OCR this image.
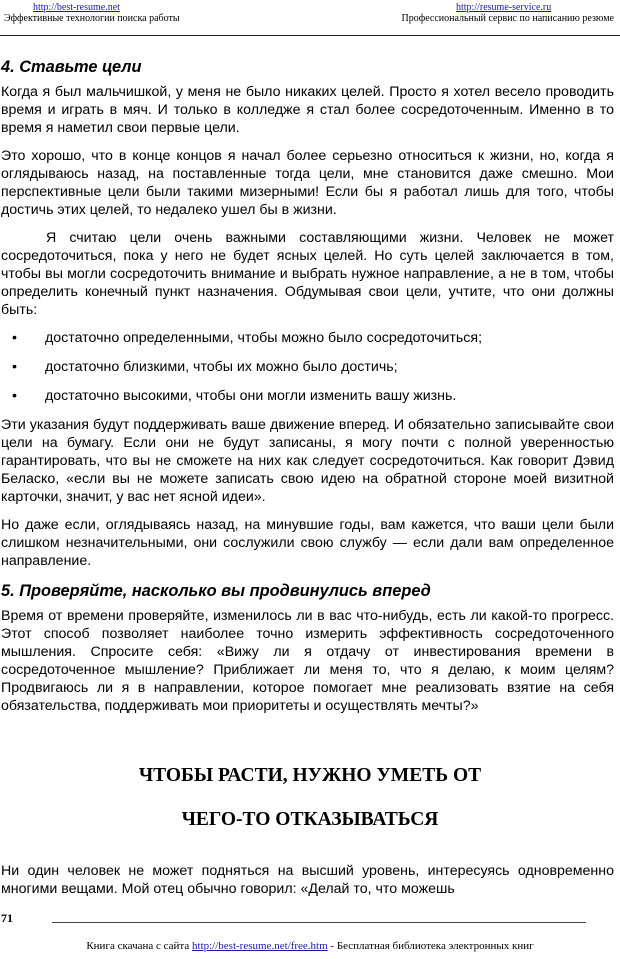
http://best-resume.net
Эффективные технологии поиска работы
http://resume-service.ru
Профессиональный сервис по написанию резюме
4. Ставьте цели

Когда я был мальчишкой, у меня не было никаких целей. Просто я хотел весело проводить время и играть в мяч. И только в колледже я стал более сосредоточенным. Именно в то время я наметил свои первые цели.

Это хорошо, что в конце концов я начал более серьезно относиться к жизни, но, когда я оглядываюсь назад, на поставленные тогда цели, мне становится даже смешно. Мои перспективные цели были такими мизерными! Если бы я работал лишь для того, чтобы достичь этих целей, то недалеко ушел бы в жизни.

Я считаю цели очень важными составляющими жизни. Человек не может сосредоточиться, пока у него не будет ясных целей. Но суть целей заключается в том, чтобы вы могли сосредоточить внимание и выбрать нужное направление, а не в том, чтобы определить конечный пункт назначения. Обдумывая свои цели, учтите, что они должны быть:

• достаточно определенными, чтобы можно было сосредоточиться;
• достаточно близкими, чтобы их можно было достичь;
• достаточно высокими, чтобы они могли изменить вашу жизнь.

Эти указания будут поддерживать ваше движение вперед. И обязательно записывайте свои цели на бумагу. Если они не будут записаны, я могу почти с полной уверенностью гарантировать, что вы не сможете на них как следует сосредоточиться. Как говорит Дэвид Беласко, «если вы не можете записать свою идею на обратной стороне моей визитной карточки, значит, у вас нет ясной идеи».

Но даже если, оглядываясь назад, на минувшие годы, вам кажется, что ваши цели были слишком незначительными, они сослужили свою службу — если дали вам определенное направление.

5. Проверяйте, насколько вы продвинулись вперед

Время от времени проверяйте, изменилось ли в вас что-нибудь, есть ли какой-то прогресс. Этот способ позволяет наиболее точно измерить эффективность сосредоточенного мышления. Спросите себя: «Вижу ли я отдачу от инвестирования времени в сосредоточенное мышление? Приближает ли меня то, что я делаю, к моим целям? Продвигаюсь ли я в направлении, которое помогает мне реализовать взятие на себя обязательства, поддерживать мои приоритеты и осуществлять мечты?»

ЧТОБЫ РАСТИ, НУЖНО УМЕТЬ ОТ
ЧЕГО-ТО ОТКАЗЫВАТЬСЯ

Ни один человек не может подняться на высший уровень, интересуясь одновременно многими вещами. Мой отец обычно говорил: «Делай то, что можешь

71
Книга скачана с сайта http://best-resume.net/free.htm - Бесплатная библиотека электронных книг
